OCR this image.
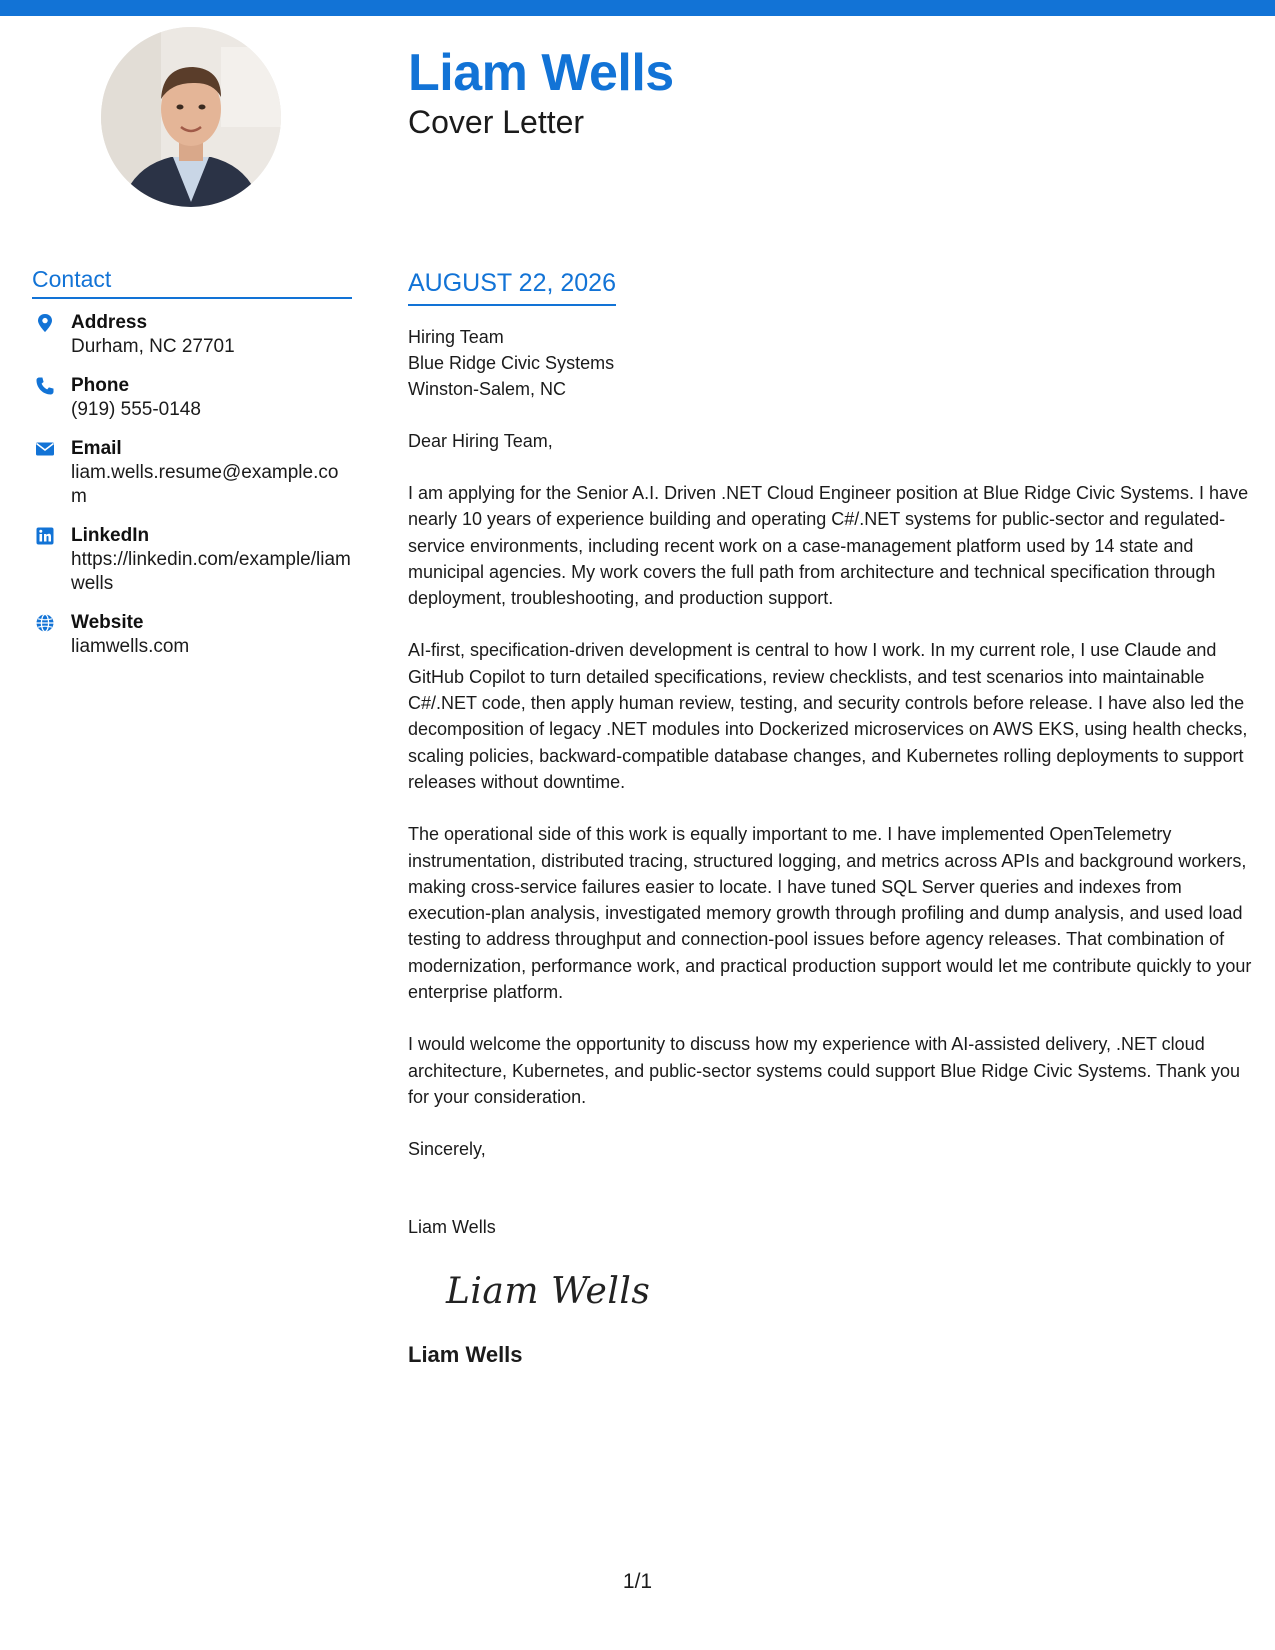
Liam Wells
Cover Letter
Contact
Address
Durham, NC 27701
Phone
(919) 555-0148
Email
liam.wells.resume@example.com
LinkedIn
https://linkedin.com/example/liamwells
Website
liamwells.com
AUGUST 22, 2026
Hiring Team
Blue Ridge Civic Systems
Winston-Salem, NC
Dear Hiring Team,

I am applying for the Senior A.I. Driven .NET Cloud Engineer position at Blue Ridge Civic Systems. I have nearly 10 years of experience building and operating C#/.NET systems for public-sector and regulated-service environments, including recent work on a case-management platform used by 14 state and municipal agencies. My work covers the full path from architecture and technical specification through deployment, troubleshooting, and production support.

AI-first, specification-driven development is central to how I work. In my current role, I use Claude and GitHub Copilot to turn detailed specifications, review checklists, and test scenarios into maintainable C#/.NET code, then apply human review, testing, and security controls before release. I have also led the decomposition of legacy .NET modules into Dockerized microservices on AWS EKS, using health checks, scaling policies, backward-compatible database changes, and Kubernetes rolling deployments to support releases without downtime.

The operational side of this work is equally important to me. I have implemented OpenTelemetry instrumentation, distributed tracing, structured logging, and metrics across APIs and background workers, making cross-service failures easier to locate. I have tuned SQL Server queries and indexes from execution-plan analysis, investigated memory growth through profiling and dump analysis, and used load testing to address throughput and connection-pool issues before agency releases. That combination of modernization, performance work, and practical production support would let me contribute quickly to your enterprise platform.

I would welcome the opportunity to discuss how my experience with AI-assisted delivery, .NET cloud architecture, Kubernetes, and public-sector systems could support Blue Ridge Civic Systems. Thank you for your consideration.

Sincerely,
Liam Wells
Liam Wells
Liam Wells
1/1
